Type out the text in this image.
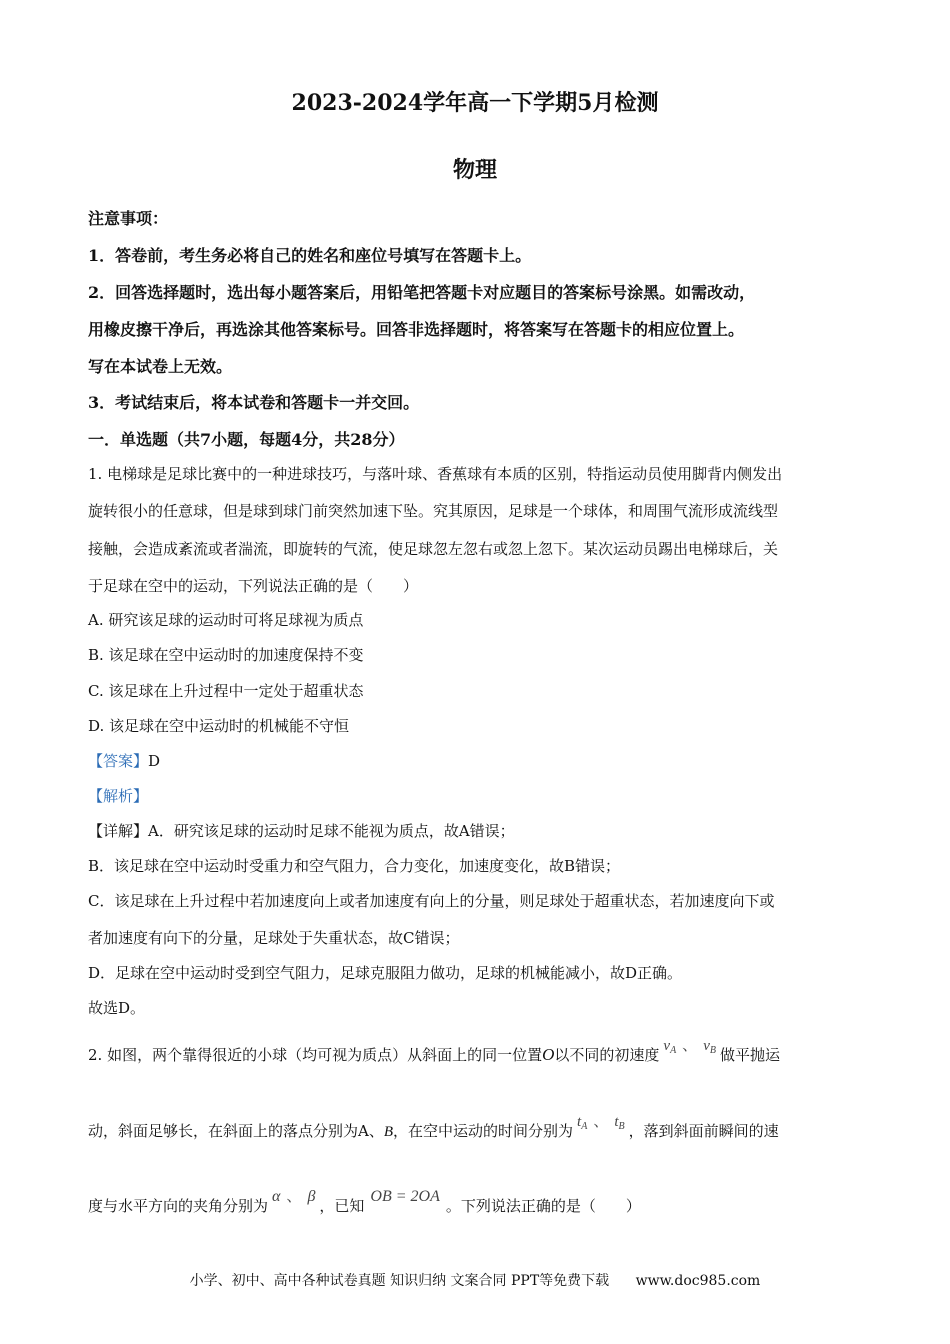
2023-2024学年高一下学期5月检测
物理
注意事项：
1．答卷前，考生务必将自己的姓名和座位号填写在答题卡上。
2．回答选择题时，选出每小题答案后，用铅笔把答题卡对应题目的答案标号涂黑。如需改动，
用橡皮擦干净后，再选涂其他答案标号。回答非选择题时，将答案写在答题卡的相应位置上。
写在本试卷上无效。
3．考试结束后，将本试卷和答题卡一并交回。
一．单选题（共7小题，每题4分，共28分）
1. 电梯球是足球比赛中的一种进球技巧，与落叶球、香蕉球有本质的区别，特指运动员使用脚背内侧发出
旋转很小的任意球，但是球到球门前突然加速下坠。究其原因，足球是一个球体，和周围气流形成流线型
接触，会造成紊流或者湍流，即旋转的气流，使足球忽左忽右或忽上忽下。某次运动员踢出电梯球后，关
于足球在空中的运动，下列说法正确的是（　　）
A. 研究该足球的运动时可将足球视为质点
B. 该足球在空中运动时的加速度保持不变
C. 该足球在上升过程中一定处于超重状态
D. 该足球在空中运动时的机械能不守恒
【答案】D
【解析】
【详解】A．研究该足球的运动时足球不能视为质点，故A错误；
B．该足球在空中运动时受重力和空气阻力，合力变化，加速度变化，故B错误；
C．该足球在上升过程中若加速度向上或者加速度有向上的分量，则足球处于超重状态，若加速度向下或
者加速度有向下的分量，足球处于失重状态，故C错误；
D．足球在空中运动时受到空气阻力，足球克服阻力做功，足球的机械能减小，故D正确。
故选D。
2. 如图，两个靠得很近的小球（均可视为质点）从斜面上的同一位置O以不同的初速度 $v_A$ 、 $v_B$ 做平抛运
动，斜面足够长，在斜面上的落点分别为A、B，在空中运动的时间分别为 $t_A$ 、 $t_B$ ，落到斜面前瞬间的速
度与水平方向的夹角分别为α 、 β，已知OB = 2OA。下列说法正确的是（　　）
小学、初中、高中各种试卷真题 知识归纳 文案合同 PPT等免费下载 www.doc985.com
